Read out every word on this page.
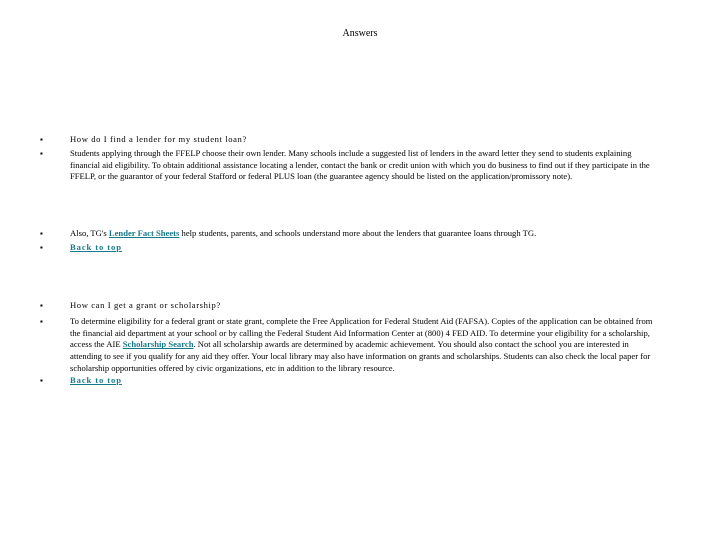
Answers
▪	How do I find a lender for my student loan?
▪	Students applying through the FFELP choose their own lender. Many schools include a suggested list of lenders in the award letter they send to students explaining financial aid eligibility. To obtain additional assistance locating a lender, contact the bank or credit union with which you do business to find out if they participate in the FFELP, or the guarantor of your federal Stafford or federal PLUS loan (the guarantee agency should be listed on the application/promissory note).
▪	Also, TG's Lender Fact Sheets help students, parents, and schools understand more about the lenders that guarantee loans through TG.
▪	Back to top
▪	How can I get a grant or scholarship?
▪	To determine eligibility for a federal grant or state grant, complete the Free Application for Federal Student Aid (FAFSA). Copies of the application can be obtained from the financial aid department at your school or by calling the Federal Student Aid Information Center at (800) 4 FED AID. To determine your eligibility for a scholarship, access the AIE Scholarship Search. Not all scholarship awards are determined by academic achievement. You should also contact the school you are interested in attending to see if you qualify for any aid they offer. Your local library may also have information on grants and scholarships. Students can also check the local paper for scholarship opportunities offered by civic organizations, etc in addition to the library resource.
▪	Back to top
